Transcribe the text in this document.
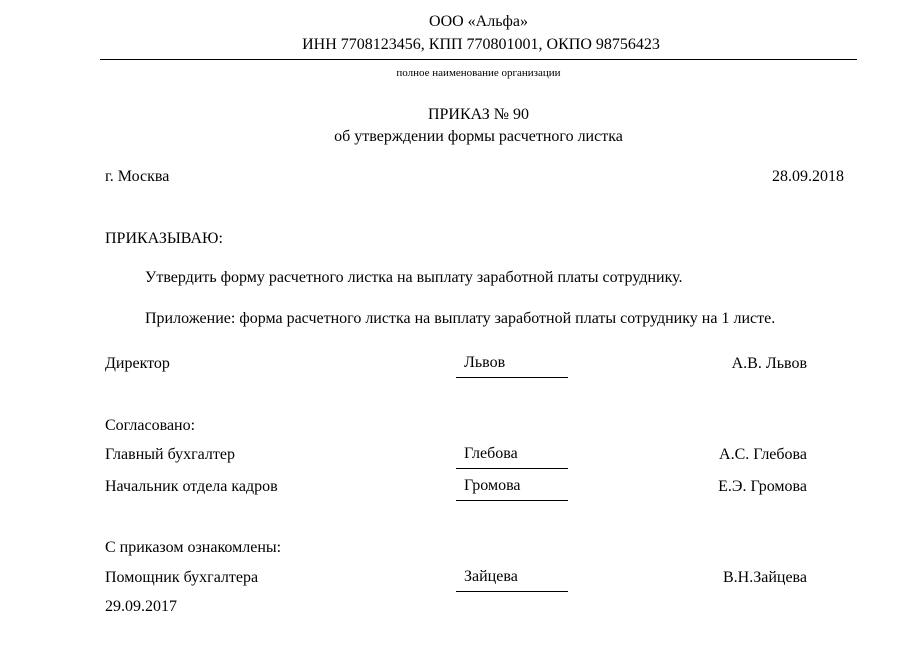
ООО «Альфа»
ИНН 7708123456, КПП 770801001, ОКПО 98756423
полное наименование организации
ПРИКАЗ № 90
об утверждении формы расчетного листка
г. Москва	28.09.2018
ПРИКАЗЫВАЮ:
Утвердить форму расчетного листка на выплату заработной платы сотруднику.
Приложение: форма расчетного листка на выплату заработной платы сотруднику на 1 листе.
Директор	Львов	А.В. Львов
Согласовано:
Главный бухгалтер	Глебова	А.С. Глебова
Начальник отдела кадров	Громова	Е.Э. Громова
С приказом ознакомлены:
Помощник бухгалтера	Зайцева	В.Н.Зайцева
29.09.2017
